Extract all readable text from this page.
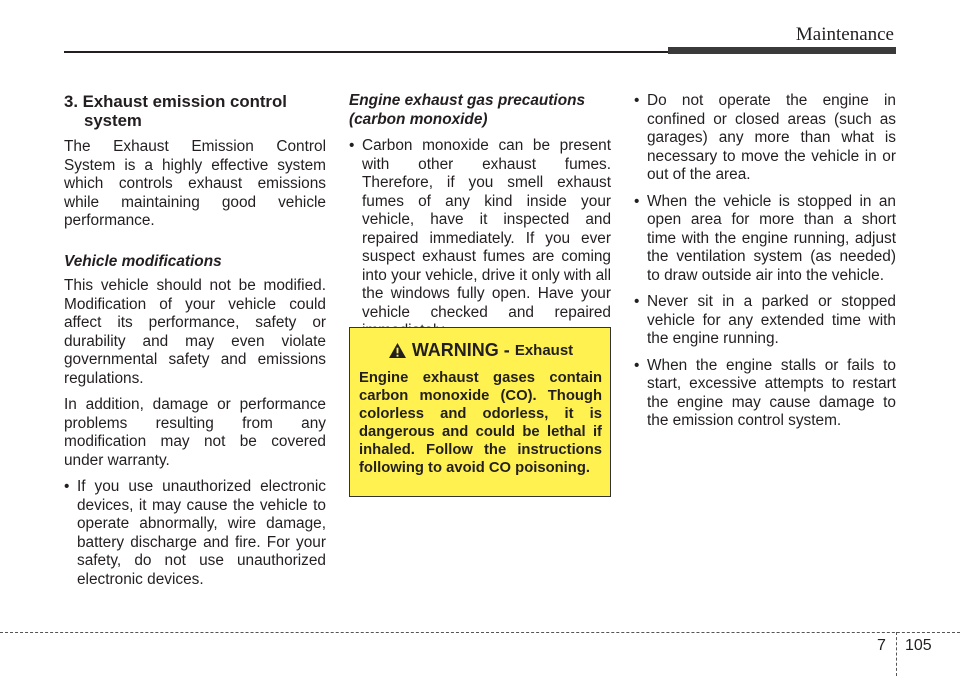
Maintenance
3. Exhaust emission control system

The Exhaust Emission Control System is a highly effective system which controls exhaust emissions while maintaining good vehicle performance.

Vehicle modifications

This vehicle should not be modified. Modification of your vehicle could affect its performance, safety or durability and may even violate governmental safety and emissions regulations.

In addition, damage or performance problems resulting from any modification may not be covered under warranty.

• If you use unauthorized electronic devices, it may cause the vehicle to operate abnormally, wire damage, battery discharge and fire. For your safety, do not use unauthorized electronic devices.
Engine exhaust gas precautions (carbon monoxide)
• Carbon monoxide can be present with other exhaust fumes. Therefore, if you smell exhaust fumes of any kind inside your vehicle, have it inspected and repaired immediately. If you ever suspect exhaust fumes are coming into your vehicle, drive it only with all the windows fully open. Have your vehicle checked and repaired
WARNING - Exhaust

Engine exhaust gases contain carbon monoxide (CO). Though colorless and odorless, it is dangerous and could be lethal if inhaled. Follow the instructions following to avoid CO poisoning.

• Do not operate the engine in confined or closed areas (such as garages) any more than what is necessary to move the vehicle in or out of the area.
• When the vehicle is stopped in an open area for more than a short time with the engine running, adjust the ventilation system (as needed) to draw outside air into the vehicle.
• Never sit in a parked or stopped vehicle for any extended time with the engine running.
• When the engine stalls or fails to start, excessive attempts to restart the engine may cause damage to the emission control system.
7 105
